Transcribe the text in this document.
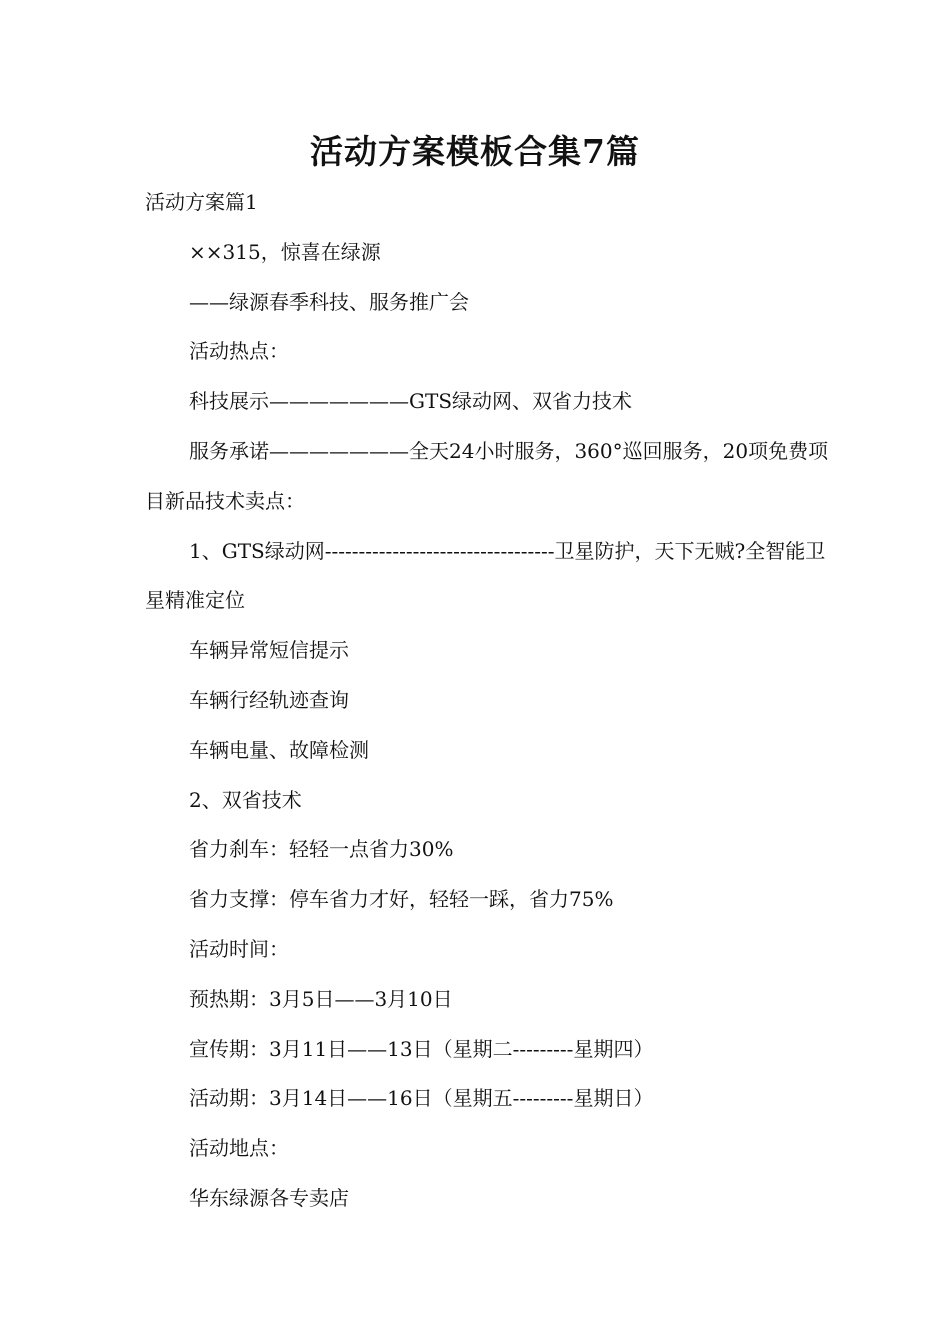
活动方案模板合集7篇

活动方案篇1

××315，惊喜在绿源

——绿源春季科技、服务推广会

活动热点：

科技展示———————GTS绿动网、双省力技术

服务承诺———————全天24小时服务，360°巡回服务，20项免费项目新品技术卖点：

1、GTS绿动网----------------------------------卫星防护，天下无贼?全智能卫星精准定位

车辆异常短信提示

车辆行经轨迹查询

车辆电量、故障检测

2、双省技术

省力刹车：轻轻一点省力30%

省力支撑：停车省力才好，轻轻一踩，省力75%

活动时间：

预热期：3月5日——3月10日

宣传期：3月11日——13日（星期二---------星期四）

活动期：3月14日——16日（星期五---------星期日）

活动地点：

华东绿源各专卖店
